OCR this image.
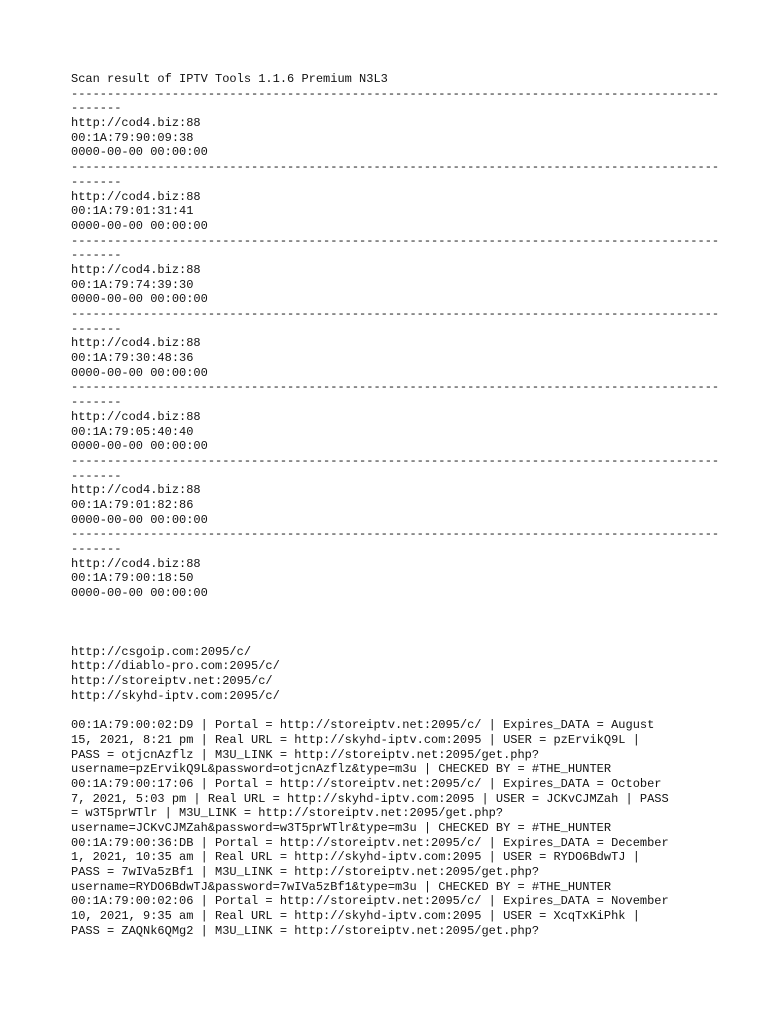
Scan result of IPTV Tools 1.1.6 Premium N3L3
------------------------------------------------------------------------------------------
-------
http://cod4.biz:88
00:1A:79:90:09:38
0000-00-00 00:00:00
------------------------------------------------------------------------------------------
-------
http://cod4.biz:88
00:1A:79:01:31:41
0000-00-00 00:00:00
------------------------------------------------------------------------------------------
-------
http://cod4.biz:88
00:1A:79:74:39:30
0000-00-00 00:00:00
------------------------------------------------------------------------------------------
-------
http://cod4.biz:88
00:1A:79:30:48:36
0000-00-00 00:00:00
------------------------------------------------------------------------------------------
-------
http://cod4.biz:88
00:1A:79:05:40:40
0000-00-00 00:00:00
------------------------------------------------------------------------------------------
-------
http://cod4.biz:88
00:1A:79:01:82:86
0000-00-00 00:00:00
------------------------------------------------------------------------------------------
-------
http://cod4.biz:88
00:1A:79:00:18:50
0000-00-00 00:00:00
http://csgoip.com:2095/c/
http://diablo-pro.com:2095/c/
http://storeiptv.net:2095/c/
http://skyhd-iptv.com:2095/c/
00:1A:79:00:02:D9 | Portal = http://storeiptv.net:2095/c/ | Expires_DATA = August
15, 2021, 8:21 pm | Real URL = http://skyhd-iptv.com:2095 | USER = pzErvikQ9L |
PASS = otjcnAzflz | M3U_LINK = http://storeiptv.net:2095/get.php?
username=pzErvikQ9L&password=otjcnAzflz&type=m3u | CHECKED BY = #THE_HUNTER
00:1A:79:00:17:06 | Portal = http://storeiptv.net:2095/c/ | Expires_DATA = October
7, 2021, 5:03 pm | Real URL = http://skyhd-iptv.com:2095 | USER = JCKvCJMZah | PASS
= w3T5prWTlr | M3U_LINK = http://storeiptv.net:2095/get.php?
username=JCKvCJMZah&password=w3T5prWTlr&type=m3u | CHECKED BY = #THE_HUNTER
00:1A:79:00:36:DB | Portal = http://storeiptv.net:2095/c/ | Expires_DATA = December
1, 2021, 10:35 am | Real URL = http://skyhd-iptv.com:2095 | USER = RYDO6BdwTJ |
PASS = 7wIVa5zBf1 | M3U_LINK = http://storeiptv.net:2095/get.php?
username=RYDO6BdwTJ&password=7wIVa5zBf1&type=m3u | CHECKED BY = #THE_HUNTER
00:1A:79:00:02:06 | Portal = http://storeiptv.net:2095/c/ | Expires_DATA = November
10, 2021, 9:35 am | Real URL = http://skyhd-iptv.com:2095 | USER = XcqTxKiPhk |
PASS = ZAQNk6QMg2 | M3U_LINK = http://storeiptv.net:2095/get.php?
